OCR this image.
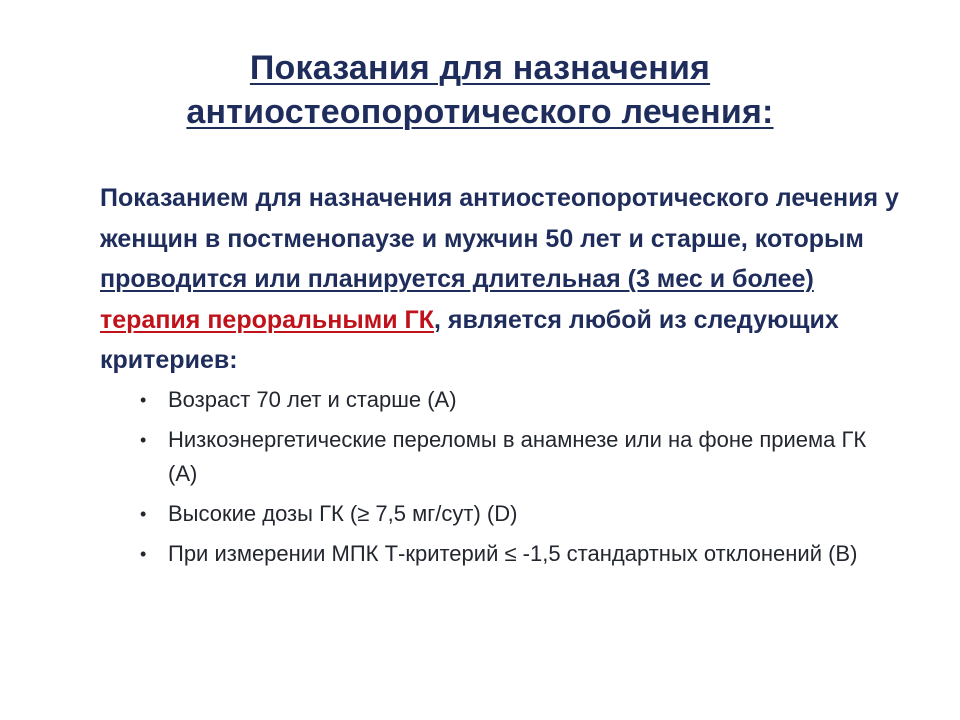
Показания для назначения
антиостеопоротического лечения:
Показанием для назначения антиостеопоротического лечения у женщин в постменопаузе и мужчин 50 лет и старше, которым проводится или планируется длительная (3 мес и более) терапия пероральными ГК, является любой из следующих критериев:
• Возраст 70 лет и старше (А)
• Низкоэнергетические переломы в анамнезе или на фоне приема ГК (А)
• Высокие дозы ГК (≥ 7,5 мг/сут) (D)
• При измерении МПК Т-критерий ≤ -1,5 стандартных отклонений (В)
